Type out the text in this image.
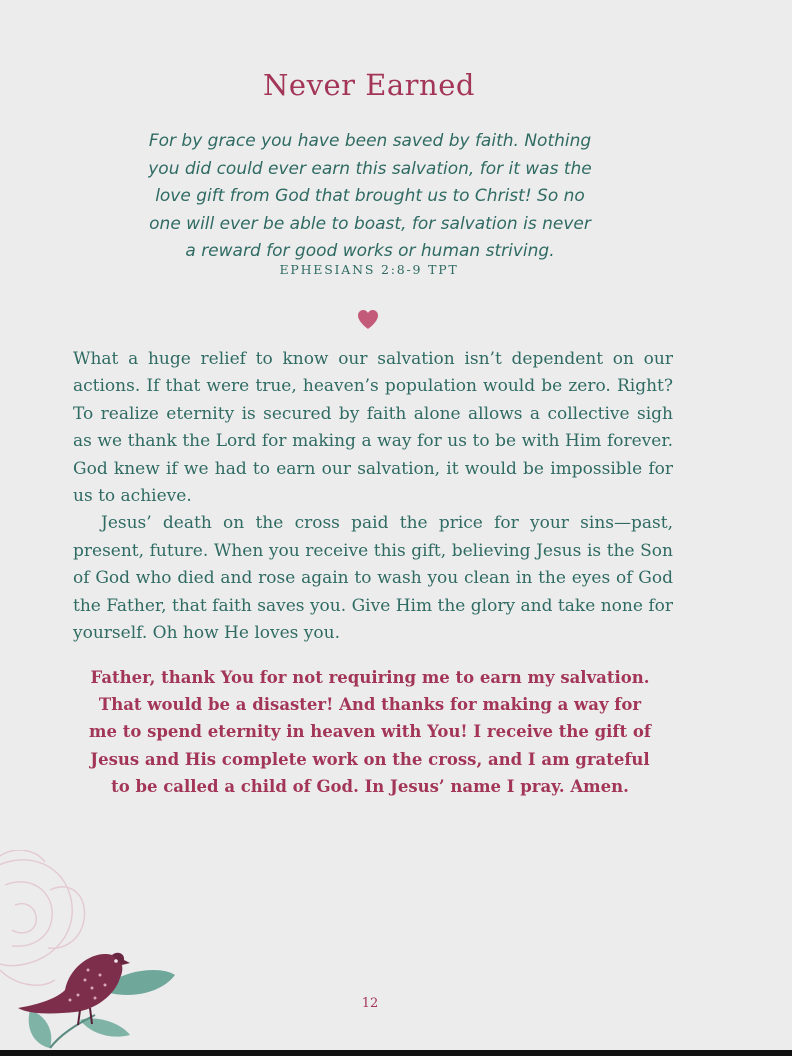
Never Earned

For by grace you have been saved by faith. Nothing

you did could ever earn this salvation, for it was the

love gift from God that brought us to Christ! So no

one will ever be able to boast, for salvation is never

a reward for good works or human striving.

EPHESIANS 2:8-9 TPT

What a huge relief to know our salvation isn’t dependent on our actions. If that were true, heaven’s population would be zero. Right? To realize eternity is secured by faith alone allows a collective sigh as we thank the Lord for making a way for us to be with Him forever. God knew if we had to earn our salvation, it would be impossible for us to achieve.

Jesus’ death on the cross paid the price for your sins—past, present, future. When you receive this gift, believing Jesus is the Son of God who died and rose again to wash you clean in the eyes of God the Father, that faith saves you. Give Him the glory and take none for yourself. Oh how He loves you.

Father, thank You for not requiring me to earn my salvation.

That would be a disaster! And thanks for making a way for

me to spend eternity in heaven with You! I receive the gift of

Jesus and His complete work on the cross, and I am grateful

to be called a child of God. In Jesus’ name I pray. Amen.

12
